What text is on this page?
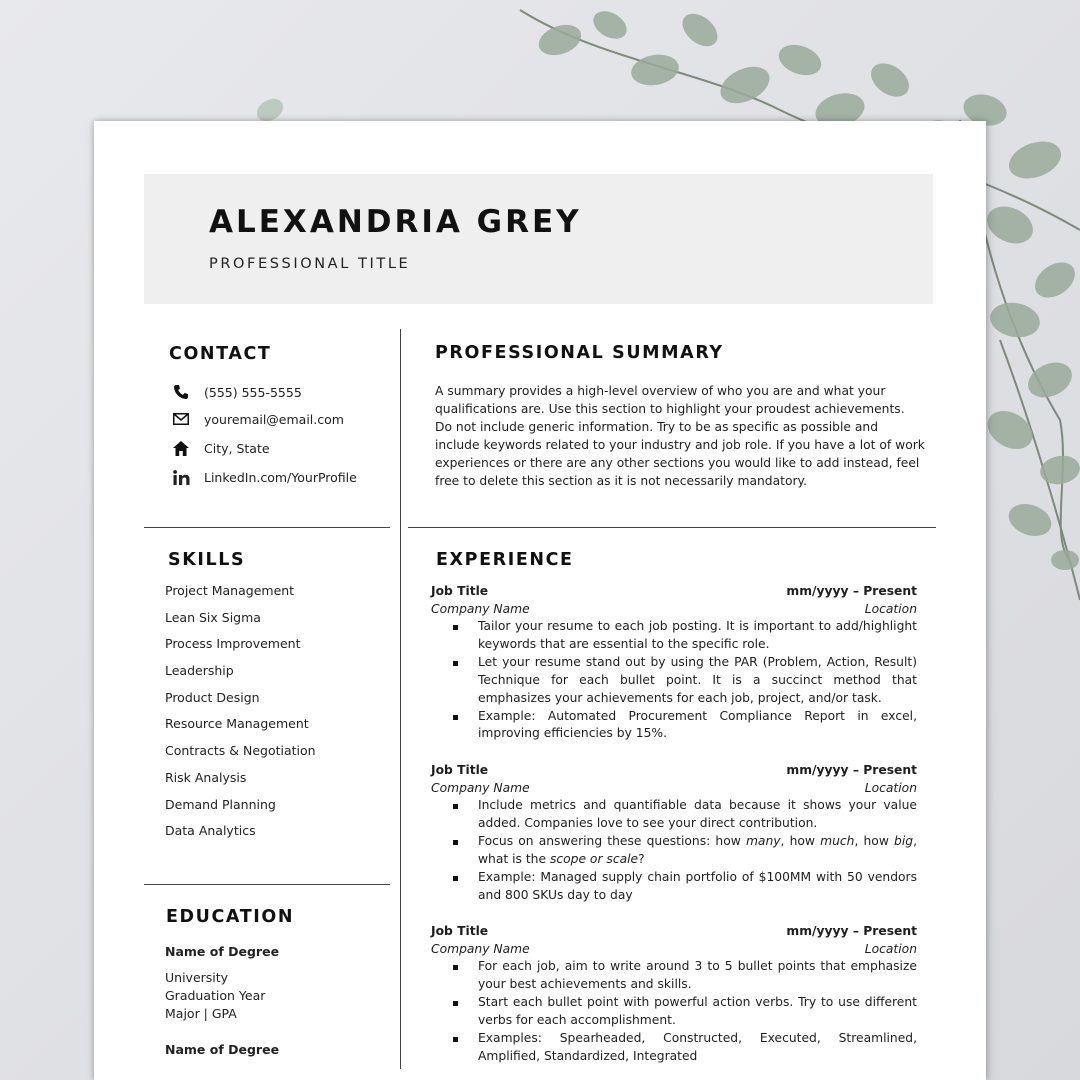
ALEXANDRIA GREY
PROFESSIONAL TITLE
CONTACT
(555) 555-5555
youremail@email.com
City, State
LinkedIn.com/YourProfile
SKILLS
Project Management
Lean Six Sigma
Process Improvement
Leadership
Product Design
Resource Management
Contracts & Negotiation
Risk Analysis
Demand Planning
Data Analytics
EDUCATION
Name of Degree
University
Graduation Year
Major | GPA
Name of Degree
PROFESSIONAL SUMMARY

A summary provides a high-level overview of who you are and what your qualifications are. Use this section to highlight your proudest achievements. Do not include generic information. Try to be as specific as possible and include keywords related to your industry and job role. If you have a lot of work experiences or there are any other sections you would like to add instead, feel free to delete this section as it is not necessarily mandatory.

EXPERIENCE
Job Title	mm/yyyy – Present
Company Name	Location
Tailor your resume to each job posting. It is important to add/highlight keywords that are essential to the specific role.
Let your resume stand out by using the PAR (Problem, Action, Result) Technique for each bullet point. It is a succinct method that emphasizes your achievements for each job, project, and/or task.
Example: Automated Procurement Compliance Report in excel, improving efficiencies by 15%.
Job Title	mm/yyyy – Present
Company Name	Location
Include metrics and quantifiable data because it shows your value added. Companies love to see your direct contribution.
Focus on answering these questions: how many, how much, how big, what is the scope or scale?
Example: Managed supply chain portfolio of $100MM with 50 vendors and 800 SKUs day to day
Job Title	mm/yyyy – Present
Company Name	Location
For each job, aim to write around 3 to 5 bullet points that emphasize your best achievements and skills.
Start each bullet point with powerful action verbs. Try to use different verbs for each accomplishment.
Examples: Spearheaded, Constructed, Executed, Streamlined, Amplified, Standardized, Integrated
